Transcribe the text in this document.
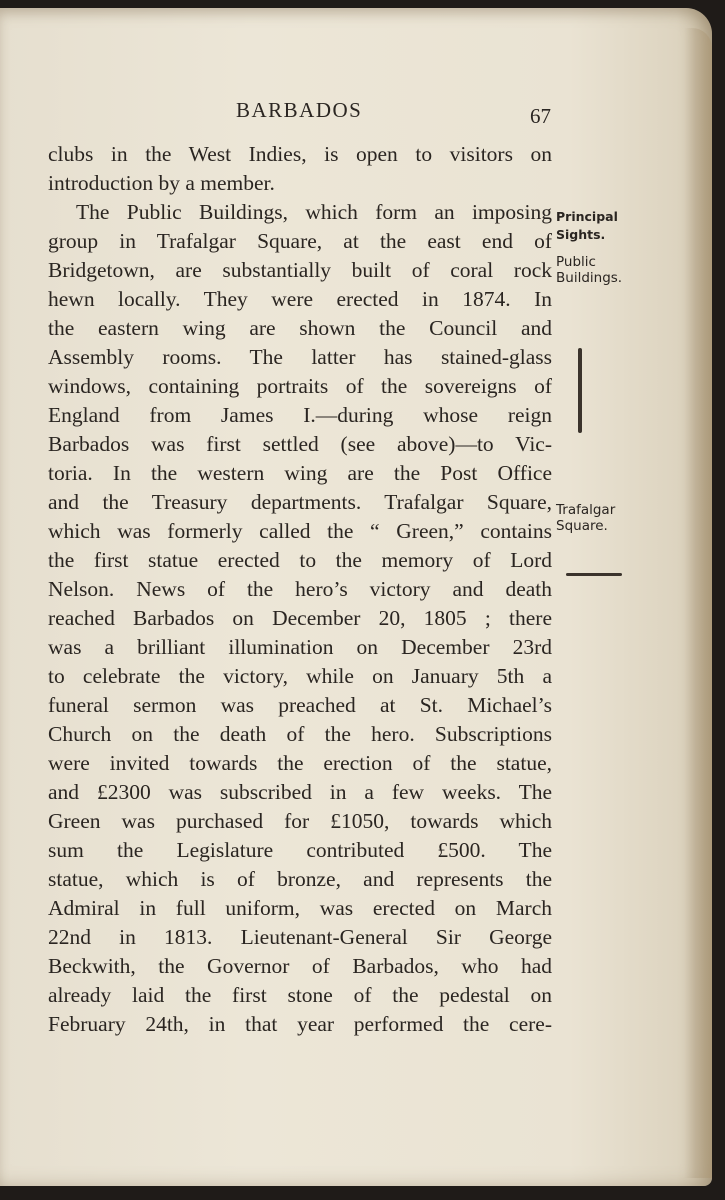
BARBADOS	67
clubs in the West Indies, is open to visitors on
introduction by a member.
The Public Buildings, which form an imposing
group in Trafalgar Square, at the east end of
Bridgetown, are substantially built of coral rock
hewn locally. They were erected in 1874. In
the eastern wing are shown the Council and
Assembly rooms. The latter has stained-glass
windows, containing portraits of the sovereigns of
England from James I.—during whose reign
Barbados was first settled (see above)—to Vic-
toria. In the western wing are the Post Office
and the Treasury departments. Trafalgar Square,
which was formerly called the “ Green,” contains
the first statue erected to the memory of Lord
Nelson. News of the hero’s victory and death
reached Barbados on December 20, 1805 ; there
was a brilliant illumination on December 23rd
to celebrate the victory, while on January 5th a
funeral sermon was preached at St. Michael’s
Church on the death of the hero. Subscriptions
were invited towards the erection of the statue,
and £2300 was subscribed in a few weeks. The
Green was purchased for £1050, towards which
sum the Legislature contributed £500. The
statue, which is of bronze, and represents the
Admiral in full uniform, was erected on March
22nd in 1813. Lieutenant-General Sir George
Beckwith, the Governor of Barbados, who had
already laid the first stone of the pedestal on
February 24th, in that year performed the cere-
Principal
Sights.
Public
Buildings.
Trafalgar
Square.
